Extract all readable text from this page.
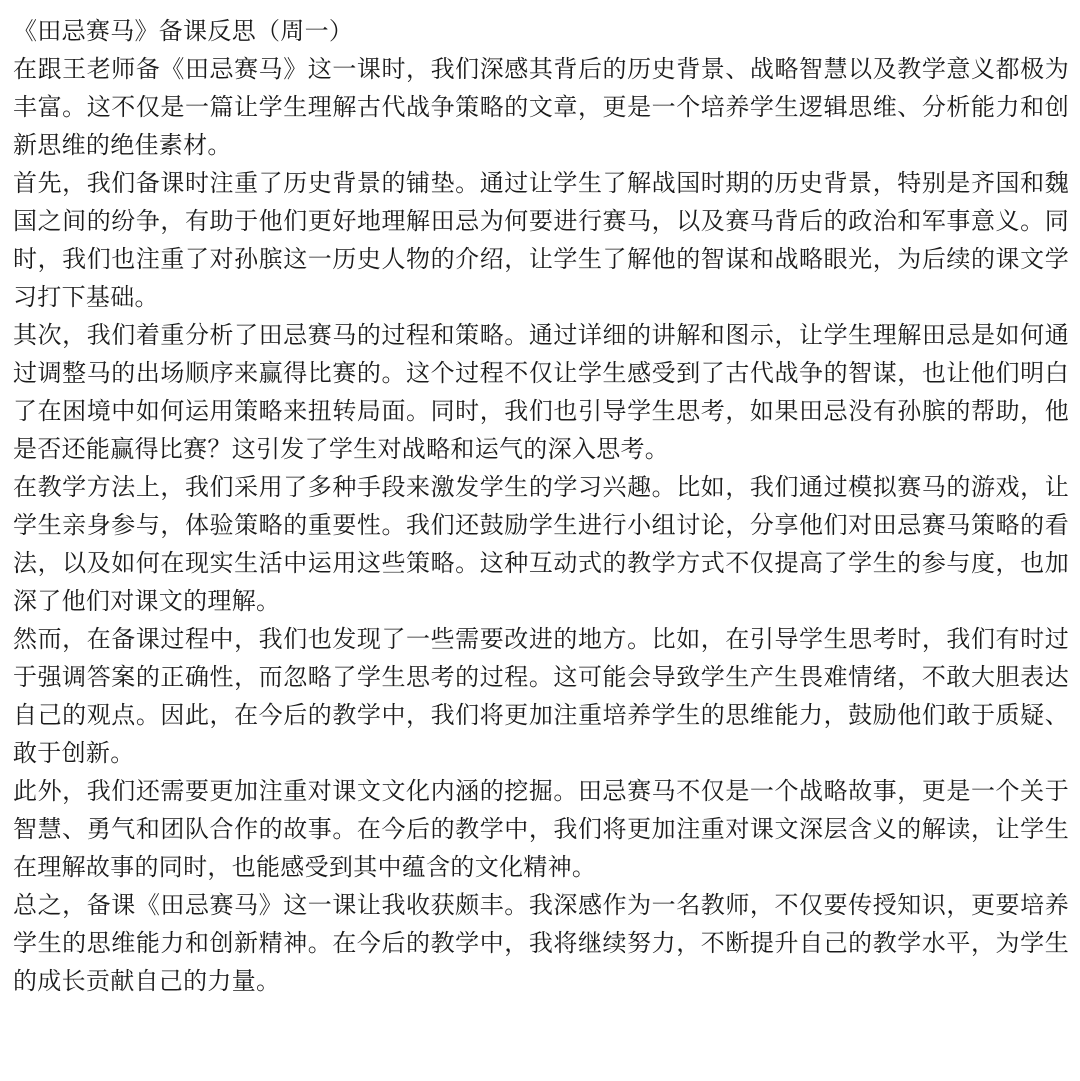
《田忌赛马》备课反思（周一）

在跟王老师备《田忌赛马》这一课时，我们深感其背后的历史背景、战略智慧以及教学意义都极为丰富。这不仅是一篇让学生理解古代战争策略的文章，更是一个培养学生逻辑思维、分析能力和创新思维的绝佳素材。

首先，我们备课时注重了历史背景的铺垫。通过让学生了解战国时期的历史背景，特别是齐国和魏国之间的纷争，有助于他们更好地理解田忌为何要进行赛马，以及赛马背后的政治和军事意义。同时，我们也注重了对孙膑这一历史人物的介绍，让学生了解他的智谋和战略眼光，为后续的课文学习打下基础。

其次，我们着重分析了田忌赛马的过程和策略。通过详细的讲解和图示，让学生理解田忌是如何通过调整马的出场顺序来赢得比赛的。这个过程不仅让学生感受到了古代战争的智谋，也让他们明白了在困境中如何运用策略来扭转局面。同时，我们也引导学生思考，如果田忌没有孙膑的帮助，他是否还能赢得比赛？这引发了学生对战略和运气的深入思考。

在教学方法上，我们采用了多种手段来激发学生的学习兴趣。比如，我们通过模拟赛马的游戏，让学生亲身参与，体验策略的重要性。我们还鼓励学生进行小组讨论，分享他们对田忌赛马策略的看法，以及如何在现实生活中运用这些策略。这种互动式的教学方式不仅提高了学生的参与度，也加深了他们对课文的理解。

然而，在备课过程中，我们也发现了一些需要改进的地方。比如，在引导学生思考时，我们有时过于强调答案的正确性，而忽略了学生思考的过程。这可能会导致学生产生畏难情绪，不敢大胆表达自己的观点。因此，在今后的教学中，我们将更加注重培养学生的思维能力，鼓励他们敢于质疑、敢于创新。

此外，我们还需要更加注重对课文文化内涵的挖掘。田忌赛马不仅是一个战略故事，更是一个关于智慧、勇气和团队合作的故事。在今后的教学中，我们将更加注重对课文深层含义的解读，让学生在理解故事的同时，也能感受到其中蕴含的文化精神。

总之，备课《田忌赛马》这一课让我收获颇丰。我深感作为一名教师，不仅要传授知识，更要培养学生的思维能力和创新精神。在今后的教学中，我将继续努力，不断提升自己的教学水平，为学生的成长贡献自己的力量。
